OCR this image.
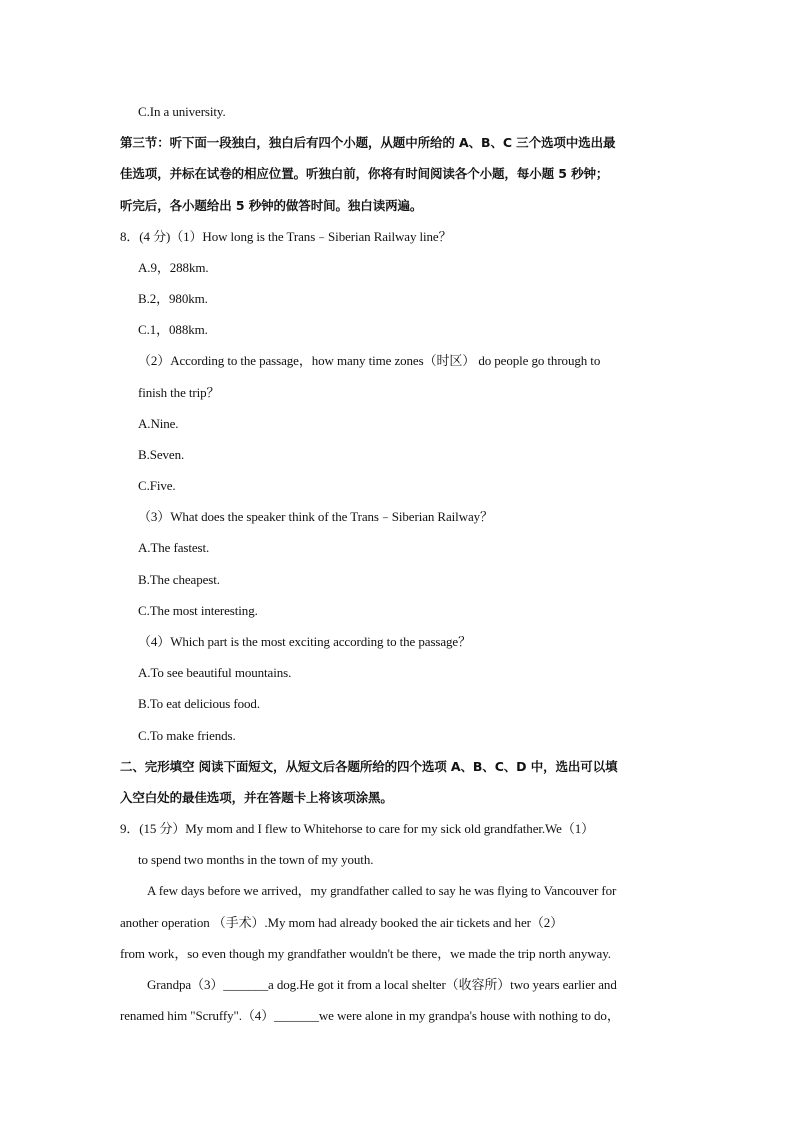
C.In a university.
第三节：听下面一段独白，独白后有四个小题，从题中所给的 A、B、C 三个选项中选出最
佳选项，并标在试卷的相应位置。听独白前，你将有时间阅读各个小题，每小题 5 秒钟；
听完后，各小题给出 5 秒钟的做答时间。独白读两遍。
8．(4 分)（1）How long is the Trans﹣Siberian Railway line？
A.9，288km.
B.2，980km.
C.1，088km.
（2）According to the passage，how many time zones（时区） do people go through to
finish the trip？
A.Nine.
B.Seven.
C.Five.
（3）What does the speaker think of the Trans﹣Siberian Railway？
A.The fastest.
B.The cheapest.
C.The most interesting.
（4）Which part is the most exciting according to the passage？
A.To see beautiful mountains.
B.To eat delicious food.
C.To make friends.
二、完形填空 阅读下面短文，从短文后各题所给的四个选项 A、B、C、D 中，选出可以填
入空白处的最佳选项，并在答题卡上将该项涂黑。
9．(15 分）My mom and I flew to Whitehorse to care for my sick old grandfather.We（1）
to spend two months in the town of my youth.
A few days before we arrived，my grandfather called to say he was flying to Vancouver for
another operation （手术）.My mom had already booked the air tickets and her（2）
from work，so even though my grandfather wouldn't be there，we made the trip north anyway.
Grandpa（3）_______a dog.He got it from a local shelter（收容所）two years earlier and
renamed him "Scruffy".（4）_______we were alone in my grandpa's house with nothing to do，
